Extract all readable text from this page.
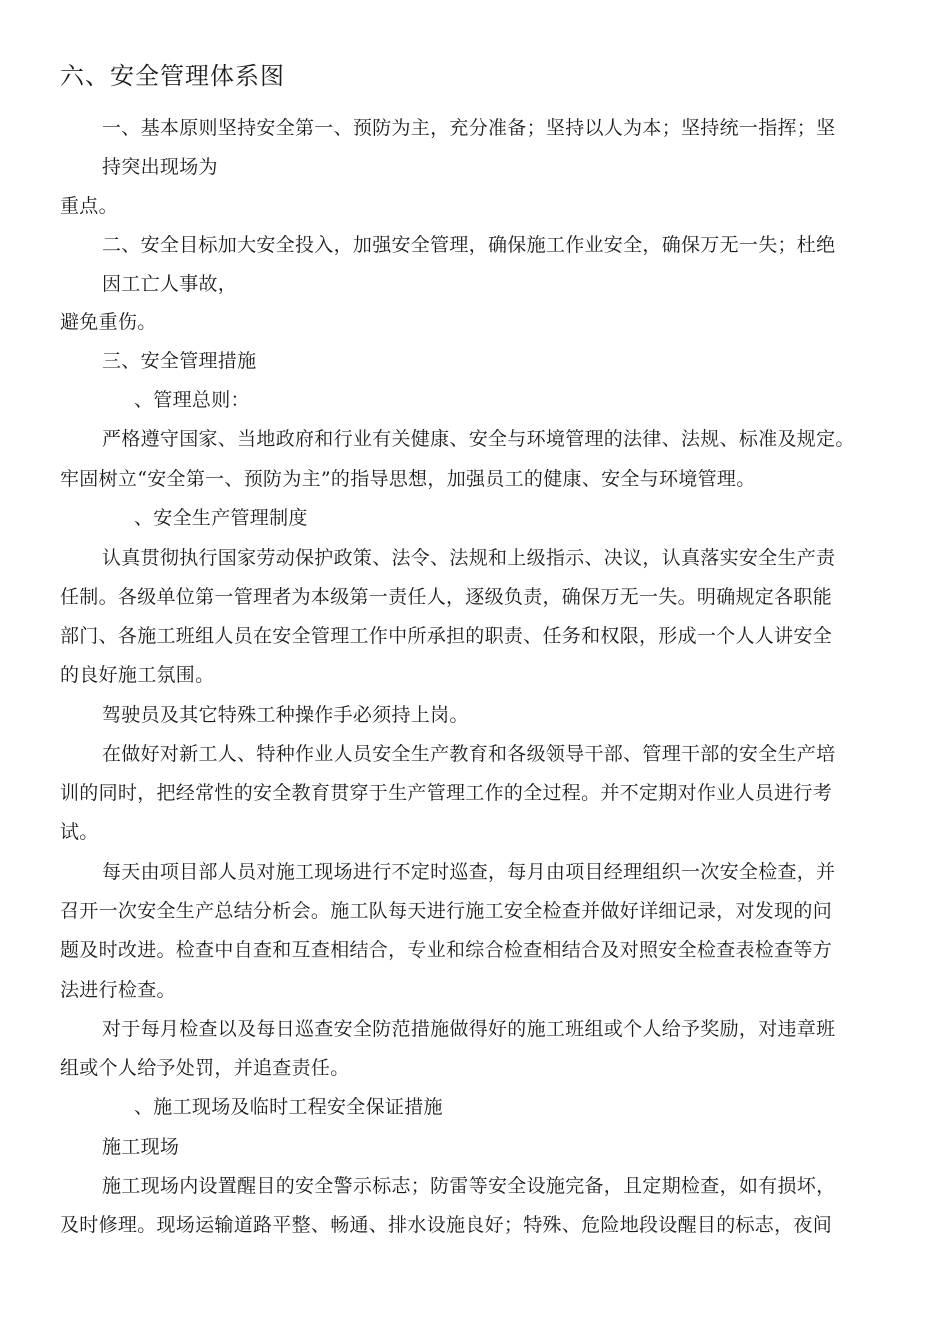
六、安全管理体系图
一、基本原则坚持安全第一、预防为主，充分准备；坚持以人为本；坚持统一指挥；坚
持突出现场为
重点。
二、安全目标加大安全投入，加强安全管理，确保施工作业安全，确保万无一失；杜绝
因工亡人事故，
避免重伤。
三、安全管理措施
、管理总则：
严格遵守国家、当地政府和行业有关健康、安全与环境管理的法律、法规、标准及规定。
牢固树立“安全第一、预防为主”的指导思想，加强员工的健康、安全与环境管理。
、安全生产管理制度
认真贯彻执行国家劳动保护政策、法令、法规和上级指示、决议，认真落实安全生产责
任制。各级单位第一管理者为本级第一责任人，逐级负责，确保万无一失。明确规定各职能
部门、各施工班组人员在安全管理工作中所承担的职责、任务和权限，形成一个人人讲安全
的良好施工氛围。
驾驶员及其它特殊工种操作手必须持上岗。
在做好对新工人、特种作业人员安全生产教育和各级领导干部、管理干部的安全生产培
训的同时，把经常性的安全教育贯穿于生产管理工作的全过程。并不定期对作业人员进行考
试。
每天由项目部人员对施工现场进行不定时巡查，每月由项目经理组织一次安全检查，并
召开一次安全生产总结分析会。施工队每天进行施工安全检查并做好详细记录，对发现的问
题及时改进。检查中自查和互查相结合，专业和综合检查相结合及对照安全检查表检查等方
法进行检查。
对于每月检查以及每日巡查安全防范措施做得好的施工班组或个人给予奖励，对违章班
组或个人给予处罚，并追查责任。
、施工现场及临时工程安全保证措施
施工现场
施工现场内设置醒目的安全警示标志；防雷等安全设施完备，且定期检查，如有损坏，
及时修理。现场运输道路平整、畅通、排水设施良好；特殊、危险地段设醒目的标志，夜间
